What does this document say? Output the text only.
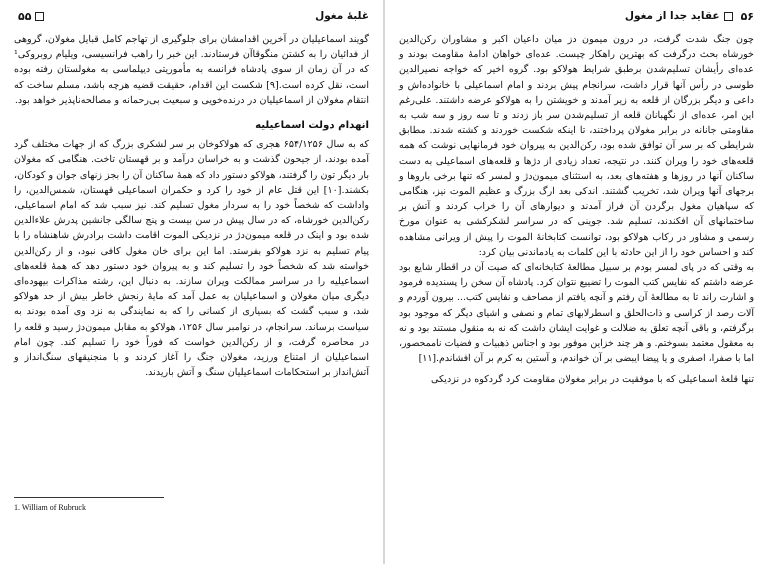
غلبهٔ مغول
۵۵

گویند اسماعیلیان در آخرین اقدامشان برای جلوگیری از تهاجم کامل قبایل مغولان، گروهی از فدائیان را به کشتن منگوقاآن فرستادند. این خبر را راهب فرانسیسی، ویلیام روبروکی¹ که در آن زمان از سوی پادشاه فرانسه به مأموریتی دیپلماسی به مغولستان رفته بوده است، نقل کرده است.[۹] شکست این اقدام، حقیقت قضیه هرچه باشد، مسلم ساخت که انتقام مغولان از اسماعیلیان در درنده‌خویی و سبعیت بی‌رحمانه و مصالحه‌ناپذیر خواهد بود.

انهدام دولت اسماعیلیه

که به سال ۶۵۴/۱۲۵۶ هجری که هولاکوخان بر سر لشکری بزرگ که از جهات مختلف گرد آمده بودند، از جیحون گذشت و به خراسان درآمد و بر قهستان تاخت. هنگامی که مغولان بار دیگر تون را گرفتند، هولاکو دستور داد که همهٔ ساکنان آن را بجز زنهای جوان و کودکان، بکشند.[۱۰] این قتل عام از خود را کرد و حکمران اسماعیلی قهستان، شمس‌الدین، را واداشت که شخصاً خود را به سردار مغول تسلیم کند. نیز سبب شد که امام اسماعیلی، رکن‌الدین خورشاه، که در سال پیش در سن بیست و پنج سالگی جانشین پدرش علاءالدین شده بود و اینک در قلعه میمون‌دژ در نزدیکی الموت اقامت داشت برادرش شاهنشاه را با پیام تسلیم به نزد هولاکو بفرستد. اما این برای خان مغول کافی نبود، و از رکن‌الدین خواسته شد که شخصاً خود را تسلیم کند و به پیروان خود دستور دهد که همهٔ قلعه‌های اسماعیلیه را در سراسر ممالکت ویران سازند. به دنبال این، رشته مذاکرات بیهوده‌ای دیگری میان مغولان و اسماعیلیان به عمل آمد که مایهٔ رنجش خاطر بیش از حد هولاکو شد، و سبب گشت که بسیاری از کسانی را که به نمایندگی به نزد وی آمده بودند به سیاست برساند. سرانجام، در نوامبر سال ۱۲۵۶، هولاکو به مقابل میمون‌دژ رسید و قلعه را در محاصره گرفت، و از رکن‌الدین خواست که فوراً خود را تسلیم کند. چون امام اسماعیلیان از امتناع ورزید، مغولان جنگ را آغاز کردند و با منجنیقهای سنگ‌انداز و آتش‌انداز بر استحکامات اسماعیلیان سنگ و آتش باریدند.

1. William of Rubruck
۵۶
عقاید جدا از مغول

چون جنگ شدت گرفت، در درون میمون دز میان داعیان اکبر و مشاوران رکن‌الدین خورشاه بحث درگرفت که بهترین راهکار چیست. عده‌ای خواهان ادامهٔ مقاومت بودند و عده‌ای رأیشان تسلیم‌شدن برطبق شرایط هولاکو بود. گروه اخیر که خواجه نصیرالدین طوسی در رأس آنها قرار داشت، سرانجام پیش بردند و امام اسماعیلی با خانواده‌اش و داعی و دیگر بزرگان از قلعه به زیر آمدند و خویشتن را به هولاکو عرضه داشتند. علی‌رغم این امر، عده‌ای از نگهبانان قلعه از تسلیم‌شدن سر باز زدند و تا سه روز و سه شب به مقاومتی جانانه در برابر مغولان پرداختند، تا اینکه شکست خوردند و کشته شدند. مطابق شرایطی که بر سر آن توافق شده بود، رکن‌الدین به پیروان خود فرمانهایی نوشت که همه قلعه‌های خود را ویران کنند. در نتیجه، تعداد زیادی از دژها و قلعه‌های اسماعیلی به دست ساکنان آنها در روزها و هفته‌های بعد، به استثنای میمون‌دژ و لمسر که تنها برخی باروها و برجهای آنها ویران شد، تخریب گشتند. اندکی بعد ارگ بزرگ و عظیم الموت نیز، هنگامی که سپاهیان مغول برگردن آن فراز آمدند و دیوارهای آن را خراب کردند و آتش بر ساختمانهای آن افکندند، تسلیم شد. جوینی که در سراسر لشکرکشی به عنوان مورخ رسمی و مشاور در رکاب هولاکو بود، توانست کتابخانهٔ الموت را پیش از ویرانی مشاهده کند و احساس خود را از این حادثه با این کلمات به یادماندنی بیان کرد:

به وقتی که در پای لمسر بودم بر سبیل مطالعهٔ کتابخانه‌ای که صیت آن در اقطار شایع بود عرضه داشتم که نفایس کتب الموت را تضییع نتوان کرد. پادشاه آن سخن را پسندیده فرمود و اشارت راند تا به مطالعهٔ آن رفتم و آنچه یافتم از مصاحف و نفایس کتب... بیرون آوردم و آلات رصد از کراسی و ذات‌الحلق و اسطرلابهای تمام و نصفی و اشیای دیگر که موجود بود برگرفتم، و باقی آنچه تعلق به ضلالت و غوایت ایشان داشت که نه به منقول مستند بود و نه به معقول معتمد بسوختم. و هر چند خزاین موفور بود و اجناس ذهبیات و فضیات ناممحصور، اما با صفرا، اصفری و یا پیضا ایبضی بر آن خواندم، و آستین به کرم بر آن افشاندم.[۱۱]

تنها قلعهٔ اسماعیلی که با موفقیت در برابر مغولان مقاومت کرد گردکوه در نزدیکی
